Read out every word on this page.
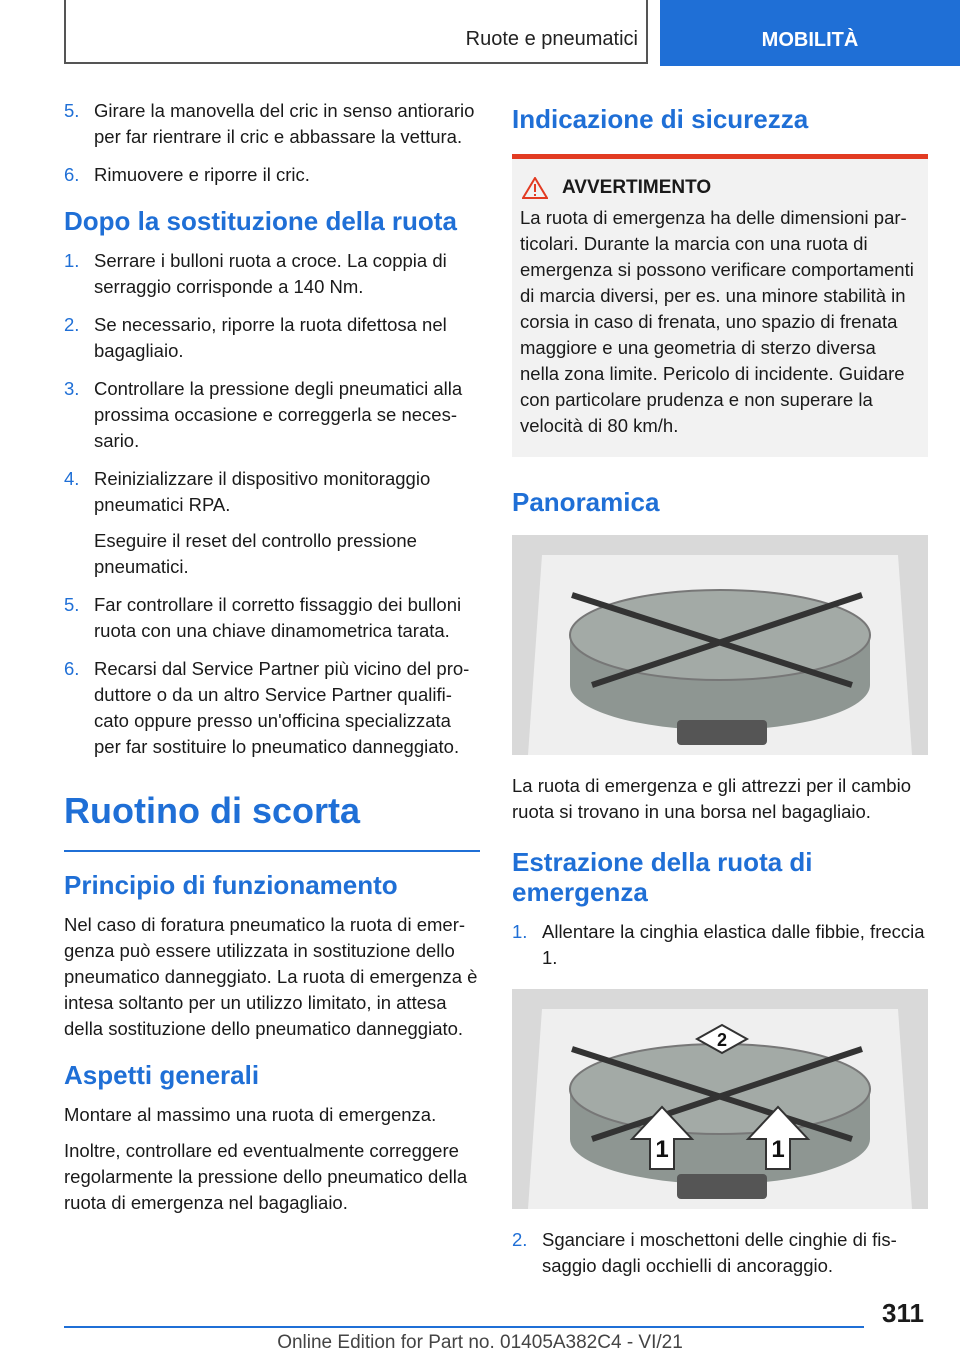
Ruote e pneumatici	MOBILITÀ
5. Girare la manovella del cric in senso antiorario per far rientrare il cric e abbassare la vettura.
6. Rimuovere e riporre il cric.
Dopo la sostituzione della ruota
1. Serrare i bulloni ruota a croce. La coppia di serraggio corrisponde a 140 Nm.
2. Se necessario, riporre la ruota difettosa nel bagagliaio.
3. Controllare la pressione degli pneumatici alla prossima occasione e correggerla se necessario.
4. Reinizializzare il dispositivo monitoraggio pneumatici RPA.
Eseguire il reset del controllo pressione pneumatici.
5. Far controllare il corretto fissaggio dei bulloni ruota con una chiave dinamometrica tarata.
6. Recarsi dal Service Partner più vicino del produttore o da un altro Service Partner qualificato oppure presso un'officina specializzata per far sostituire lo pneumatico danneggiato.
Ruotino di scorta
Principio di funzionamento

Nel caso di foratura pneumatico la ruota di emergenza può essere utilizzata in sostituzione dello pneumatico danneggiato. La ruota di emergenza è intesa soltanto per un utilizzo limitato, in attesa della sostituzione dello pneumatico danneggiato.

Aspetti generali

Montare al massimo una ruota di emergenza.

Inoltre, controllare ed eventualmente correggere regolarmente la pressione dello pneumatico della ruota di emergenza nel bagagliaio.

Indicazione di sicurezza
AVVERTIMENTO
La ruota di emergenza ha delle dimensioni particolari. Durante la marcia con una ruota di emergenza si possono verificare comportamenti di marcia diversi, per es. una minore stabilità in corsia in caso di frenata, uno spazio di frenata maggiore e una geometria di sterzo diversa nella zona limite. Pericolo di incidente. Guidare con particolare prudenza e non superare la velocità di 80 km/h.
Panoramica

La ruota di emergenza e gli attrezzi per il cambio ruota si trovano in una borsa nel bagagliaio.

Estrazione della ruota di emergenza
1. Allentare la cinghia elastica dalle fibbie, freccia 1.
1	1
2
2. Sganciare i moschettoni delle cinghie di fissaggio dagli occhielli di ancoraggio.
311
Online Edition for Part no. 01405A382C4 - VI/21
